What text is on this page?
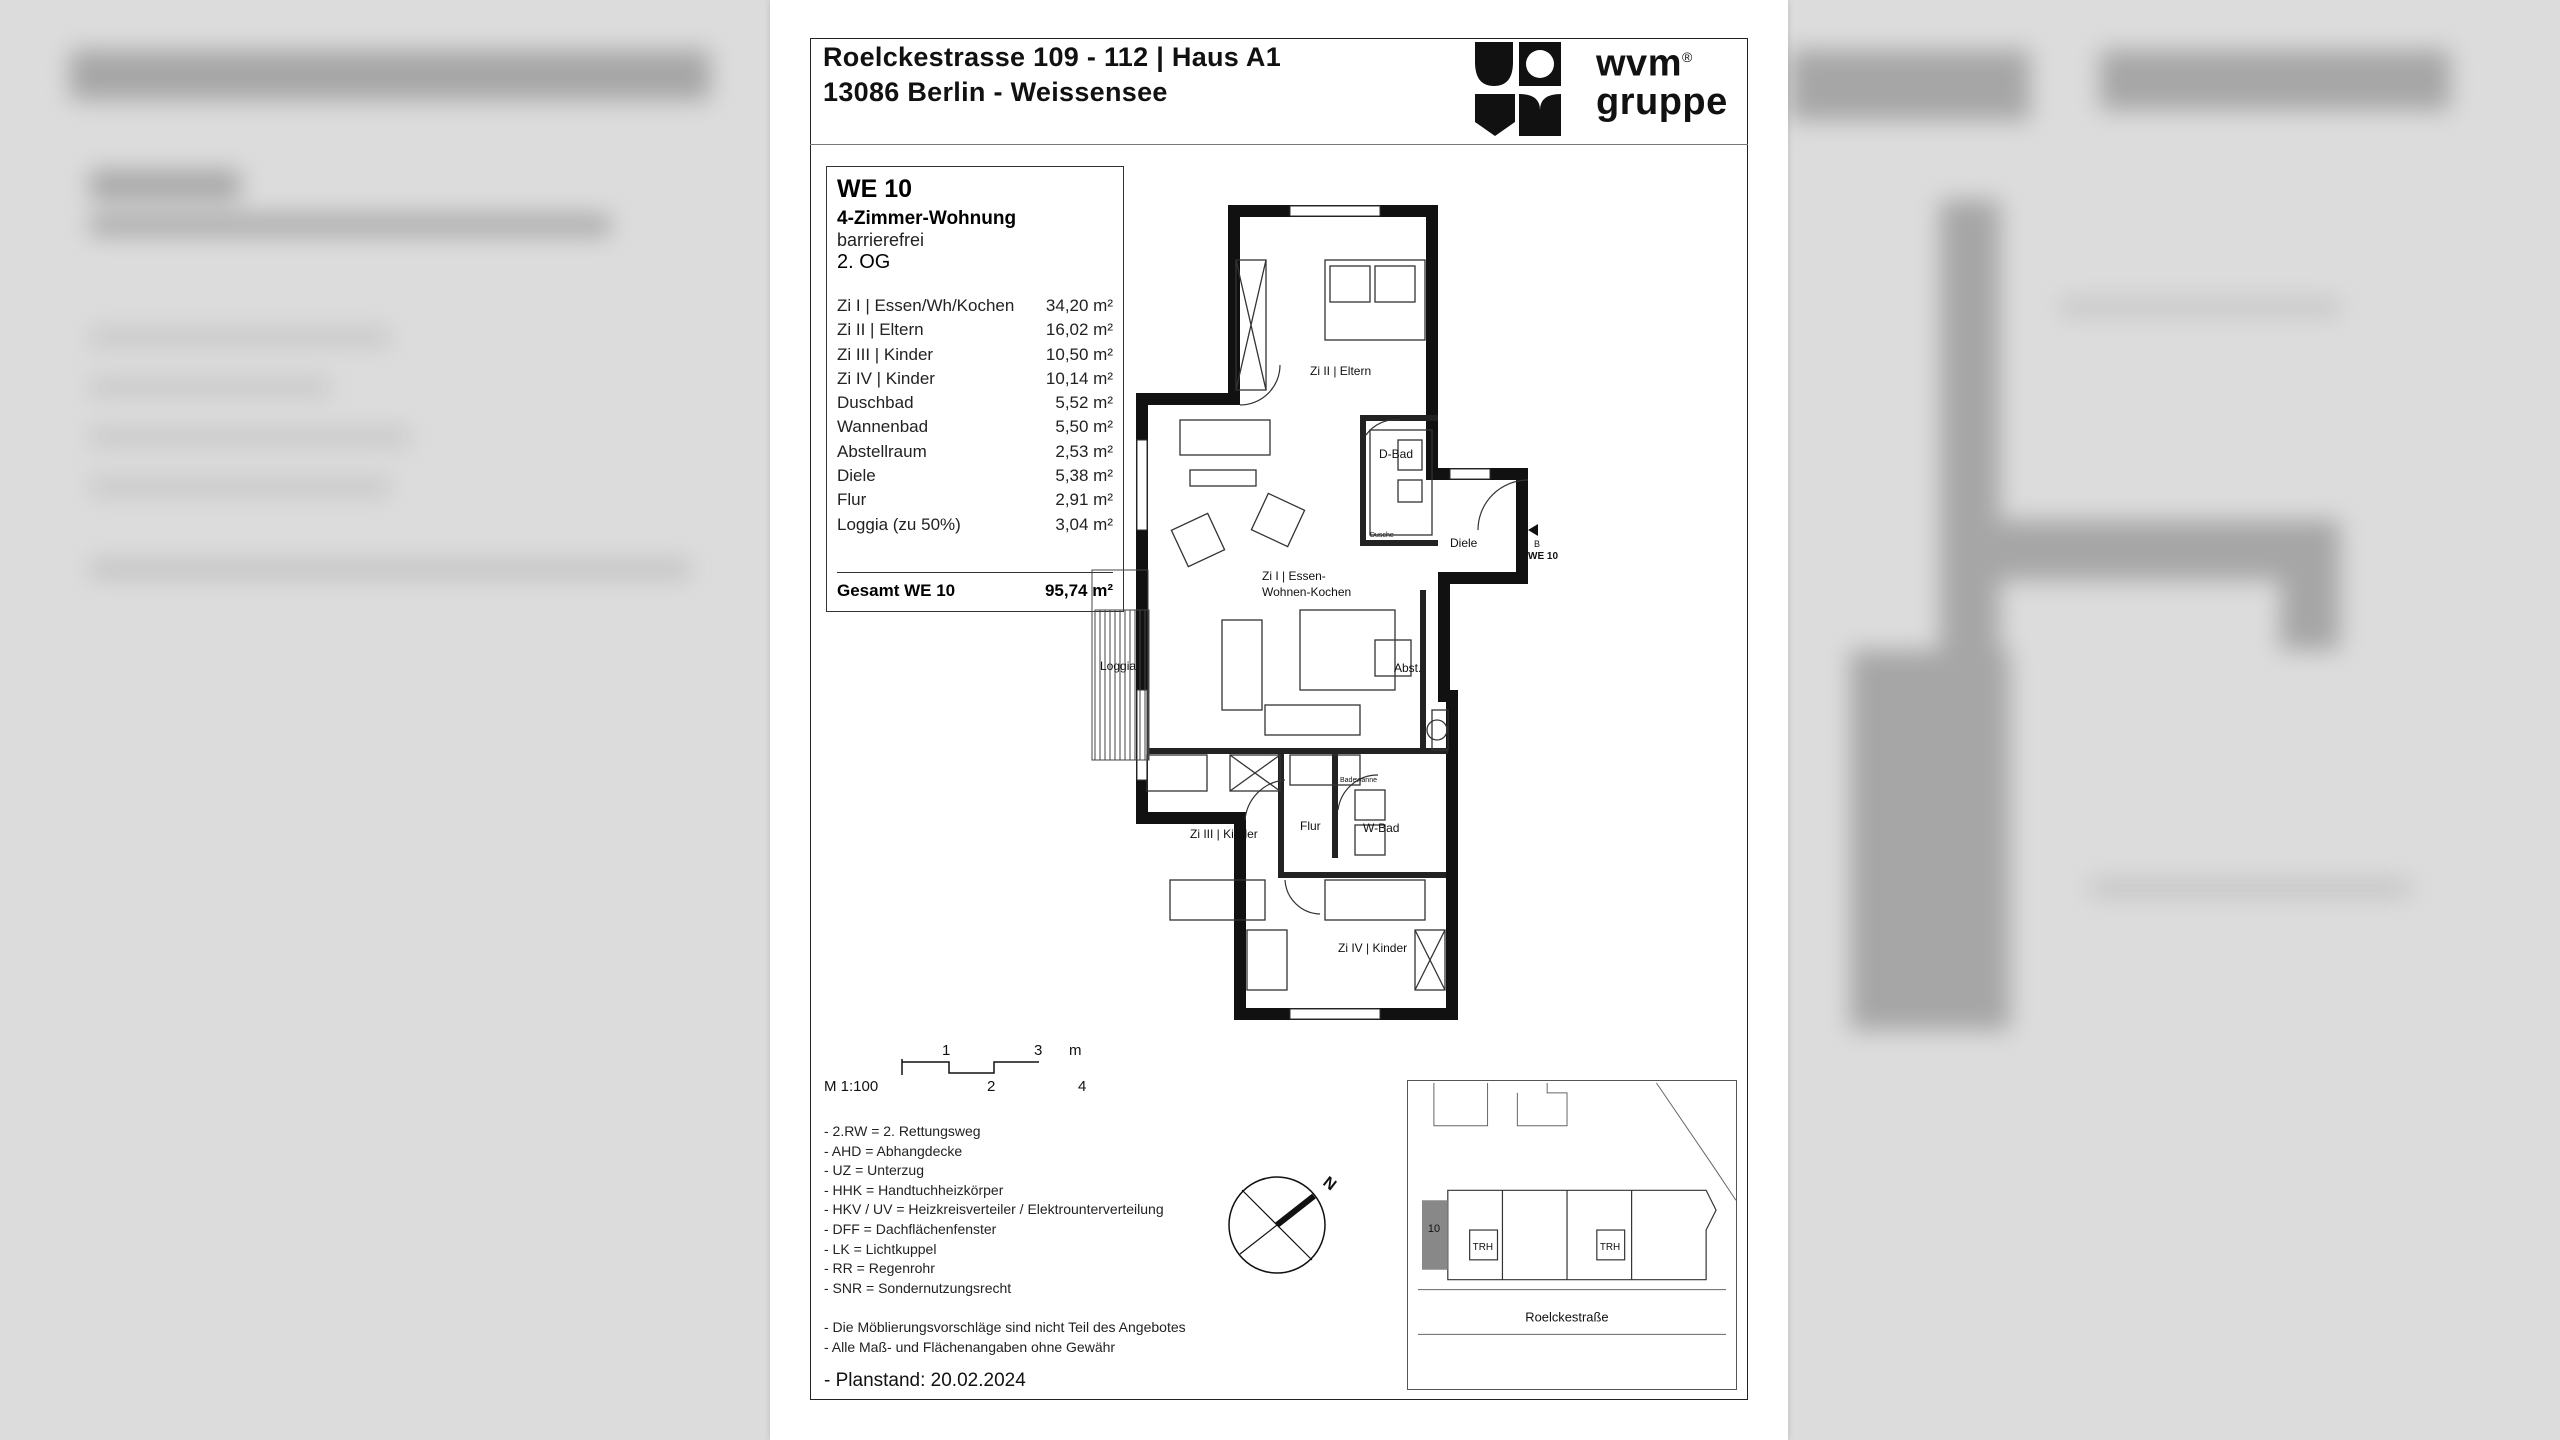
Roelckestrasse 109 - 112 | Haus A1
13086 Berlin - Weissensee
wvm®
gruppe
WE 10
4-Zimmer-Wohnung
barrierefrei
2. OG
Zi I | Essen/Wh/Kochen	34,20 m²
Zi II | Eltern	16,02 m²
Zi III | Kinder	10,50 m²
Zi IV | Kinder	10,14 m²
Duschbad	5,52 m²
Wannenbad	5,50 m²
Abstellraum	2,53 m²
Diele	5,38 m²
Flur	2,91 m²
Loggia (zu 50%)	3,04 m²
Gesamt WE 10	95,74 m²
Zi II | Eltern
D-Bad
Dusche
Diele	B
WE 10
Zi I | Essen-
Wohnen-Kochen
Loggia	Abst.
Zi III | Kinder
Flur	W-Bad
Badewanne
Zi IV | Kinder
M 1:100
1
2
3
4
m
- 2.RW = 2. Rettungsweg
- AHD = Abhangdecke
- UZ = Unterzug
- HHK = Handtuchheizkörper
- HKV / UV = Heizkreisverteiler / Elektrounterverteilung
- DFF = Dachflächenfenster
- LK = Lichtkuppel
- RR = Regenrohr
- SNR = Sondernutzungsrecht
- Die Möblierungsvorschläge sind nicht Teil des Angebotes
- Alle Maß- und Flächenangaben ohne Gewähr
- Planstand: 20.02.2024
N
10
TRH	TRH
Roelckestraße
